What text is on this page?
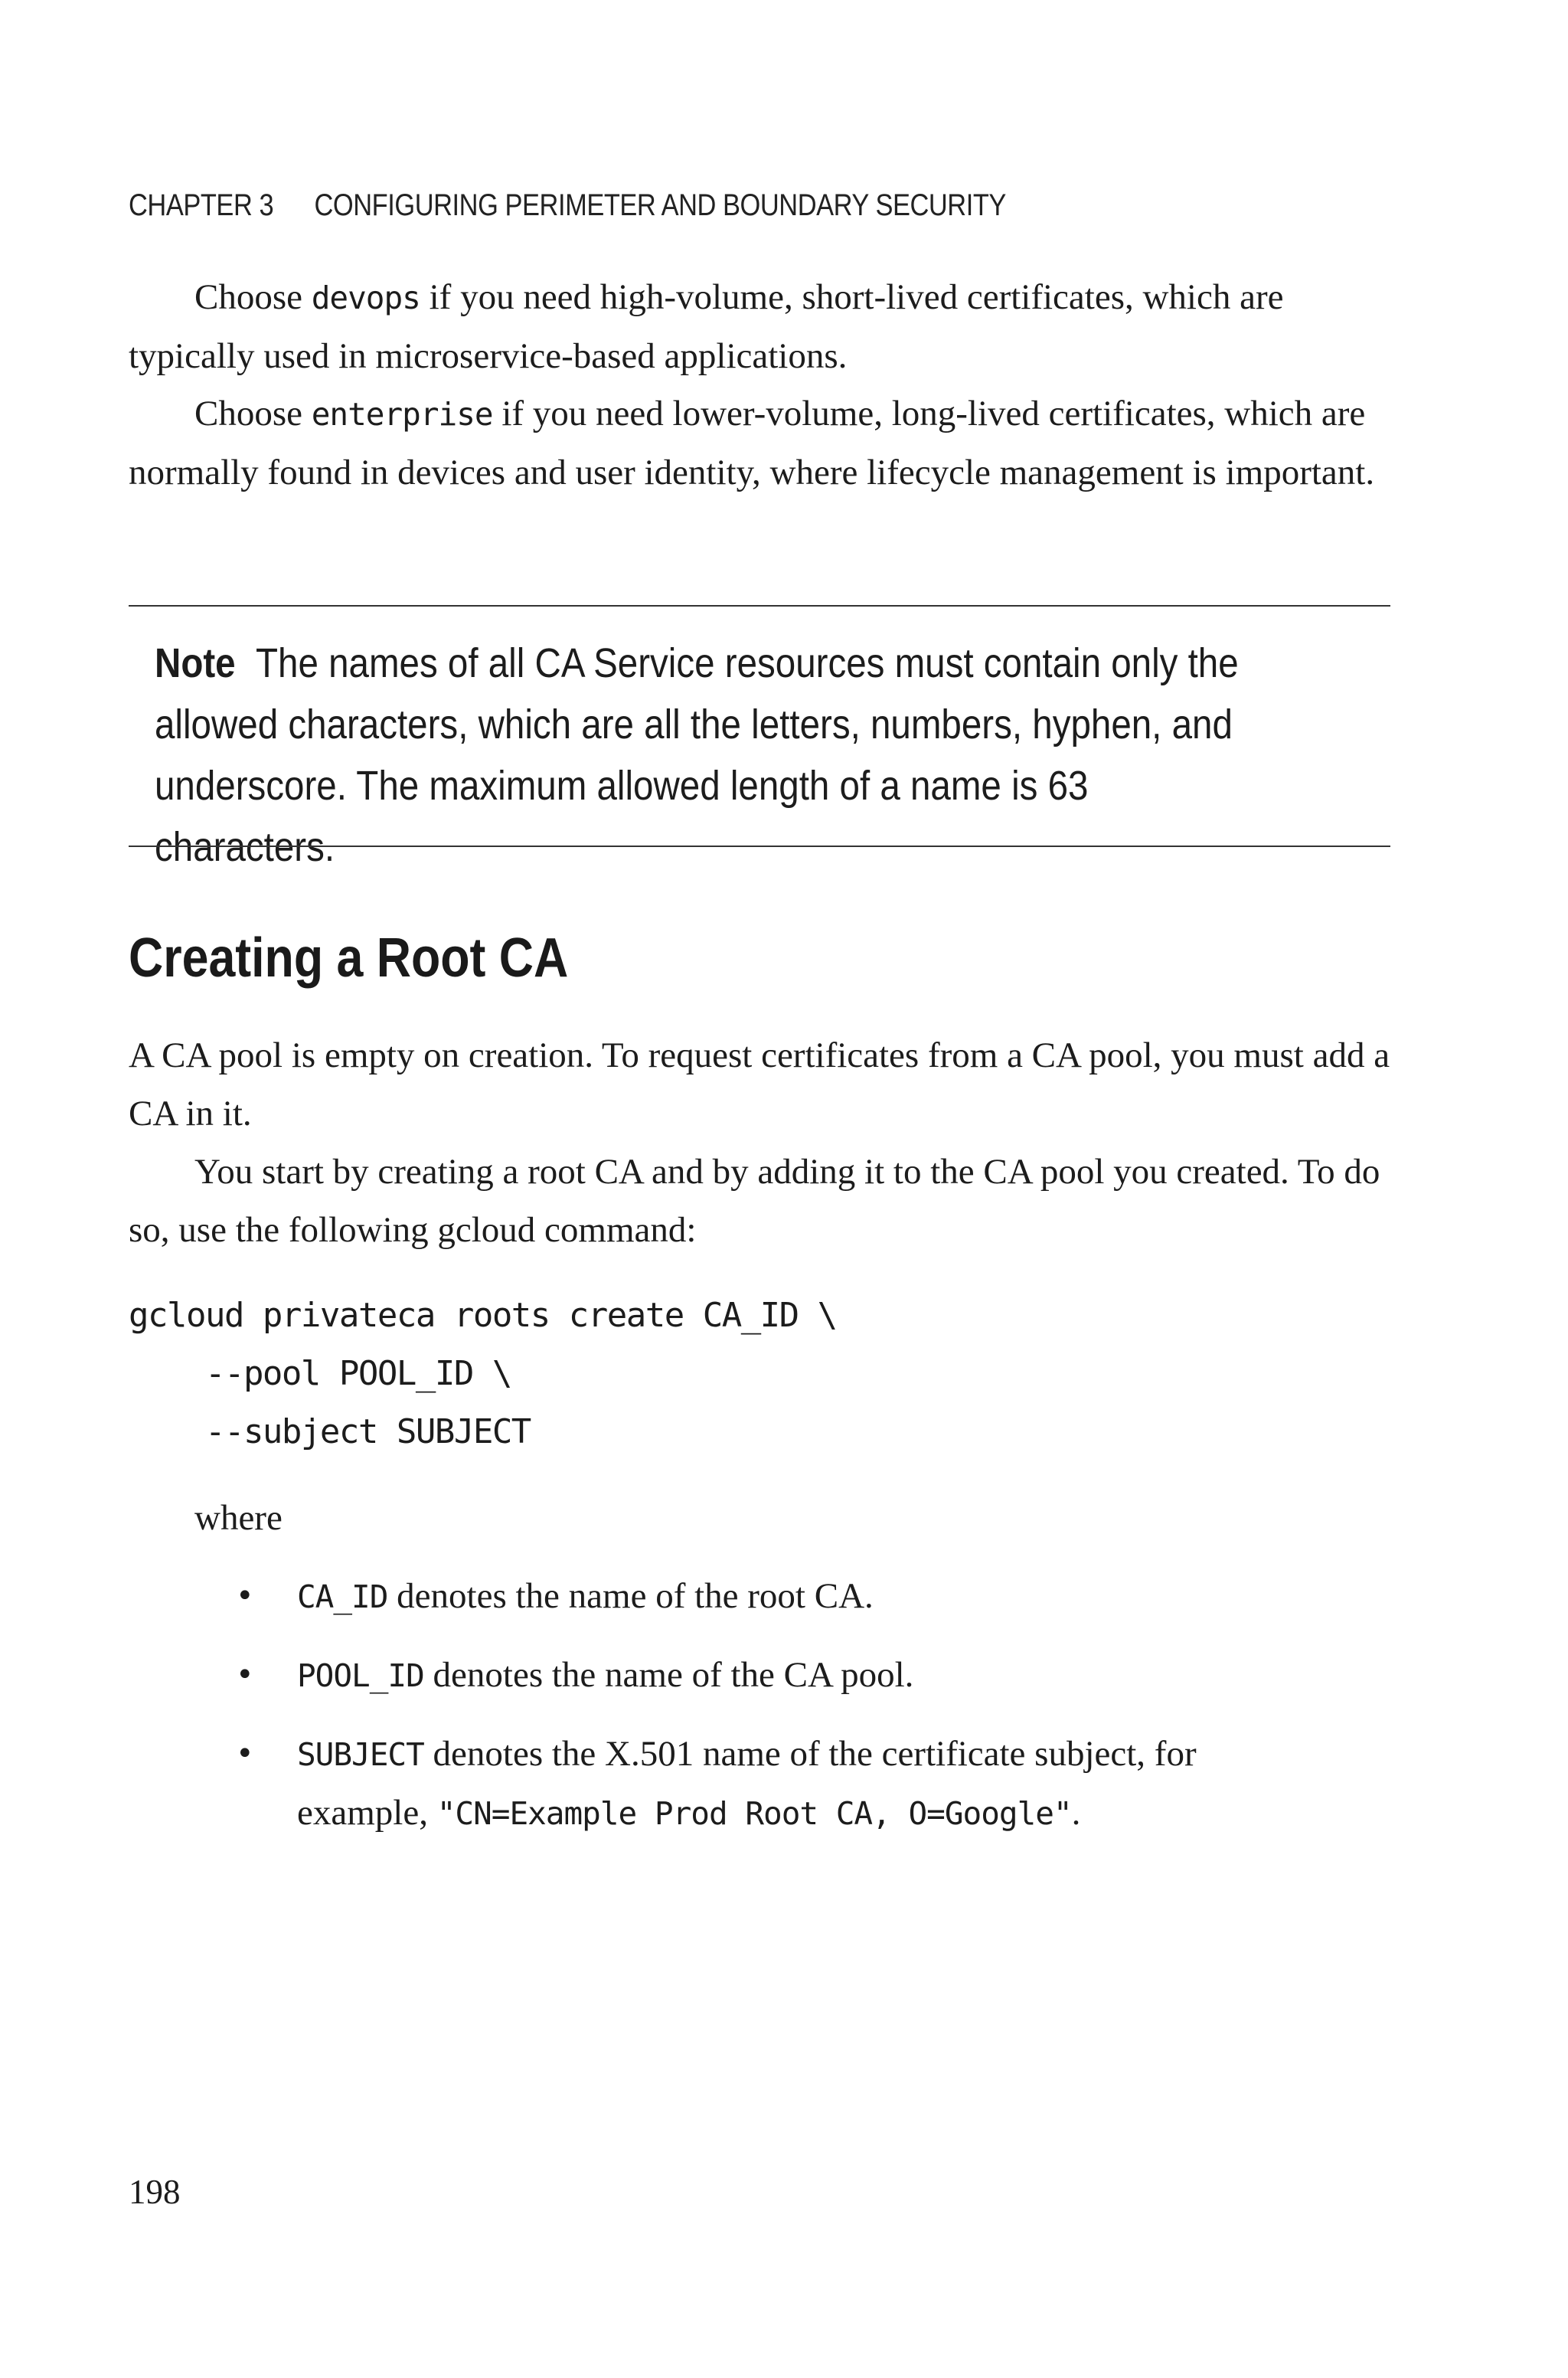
CHAPTER 3 CONFIGURING PERIMETER AND BOUNDARY SECURITY

Choose devops if you need high-volume, short-lived certificates, which are typically used in microservice-based applications.

Choose enterprise if you need lower-volume, long-lived certificates, which are normally found in devices and user identity, where lifecycle management is important.

Note The names of all CA Service resources must contain only the allowed characters, which are all the letters, numbers, hyphen, and underscore. The maximum allowed length of a name is 63 characters.

Creating a Root CA

A CA pool is empty on creation. To request certificates from a CA pool, you must add a CA in it.

You start by creating a root CA and by adding it to the CA pool you created. To do so, use the following gcloud command:

gcloud privateca roots create CA_ID \
--pool POOL_ID \
--subject SUBJECT

where

• CA_ID denotes the name of the root CA.
• POOL_ID denotes the name of the CA pool.
• SUBJECT denotes the X.501 name of the certificate subject, for example, "CN=Example Prod Root CA, O=Google".

198
